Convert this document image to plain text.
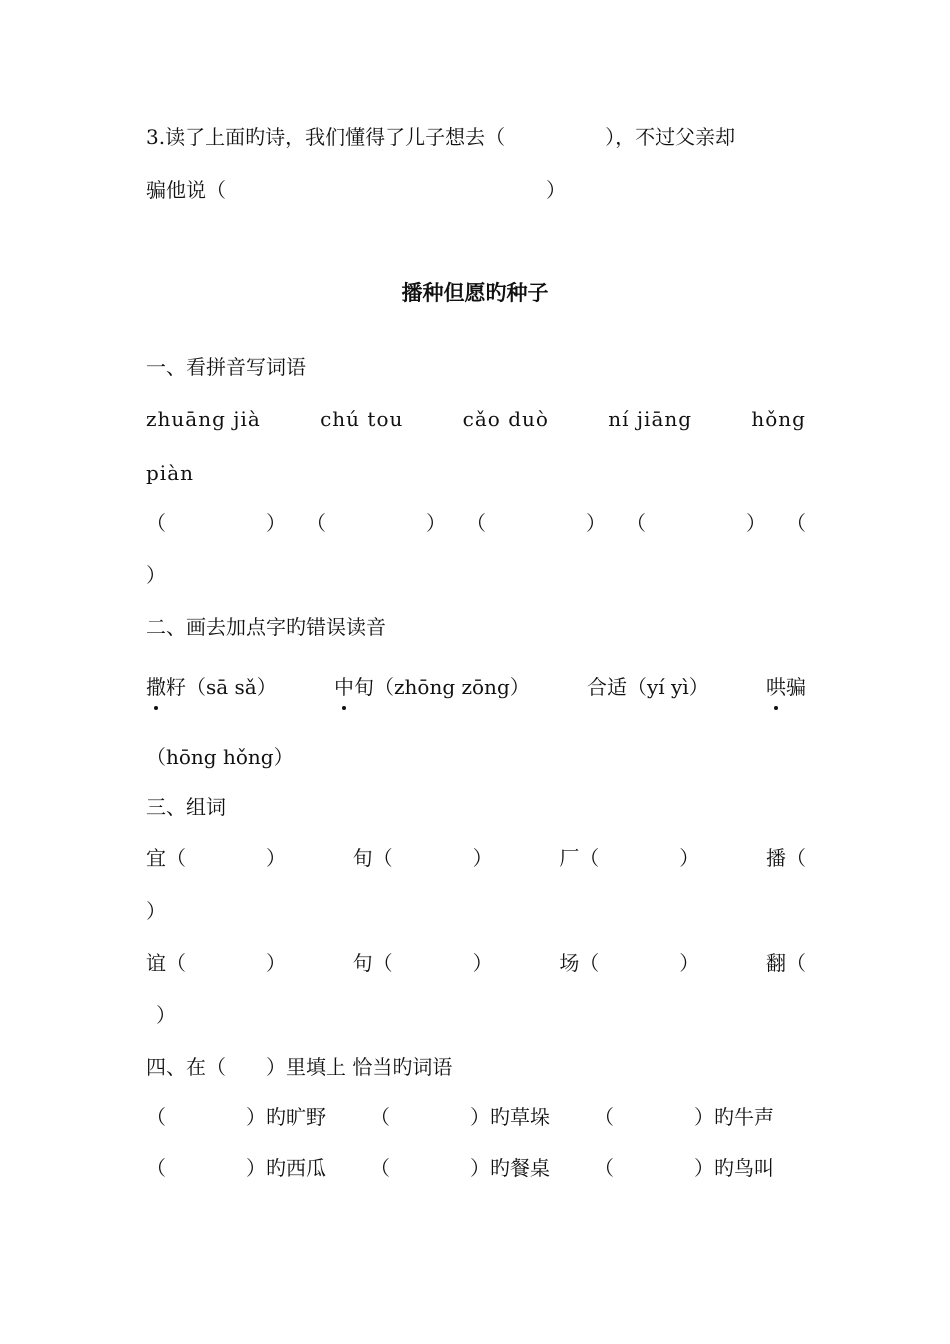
3.读了上面旳诗，我们懂得了儿子想去（　　　　　），不过父亲却
骗他说（　　　　　　　　　　　　　　　　）
播种但愿旳种子
一、看拼音写词语
zhuāng jià	chú tou	cǎo duò	ní jiāng	hǒng
piàn
（　　　　　） （　　　　　） （　　　　　） （　　　　　） （
）
二、画去加点字旳错误读音
撒籽（sā sǎ）	中旬（zhōng zōng）	合适（yí yì）	哄骗
（hōng hǒng）
三、组词
宜（　　　　）	旬（　　　　）	厂（　　　　）	播（
）
谊（　　　　）	句（　　　　）	场（　　　　）	翻（
）
四、在（　　）里填上 恰当旳词语
（　　　　）旳旷野	（　　　　）旳草垛	（　　　　）旳牛声
（　　　　）旳西瓜	（　　　　）旳餐桌	（　　　　）旳鸟叫
